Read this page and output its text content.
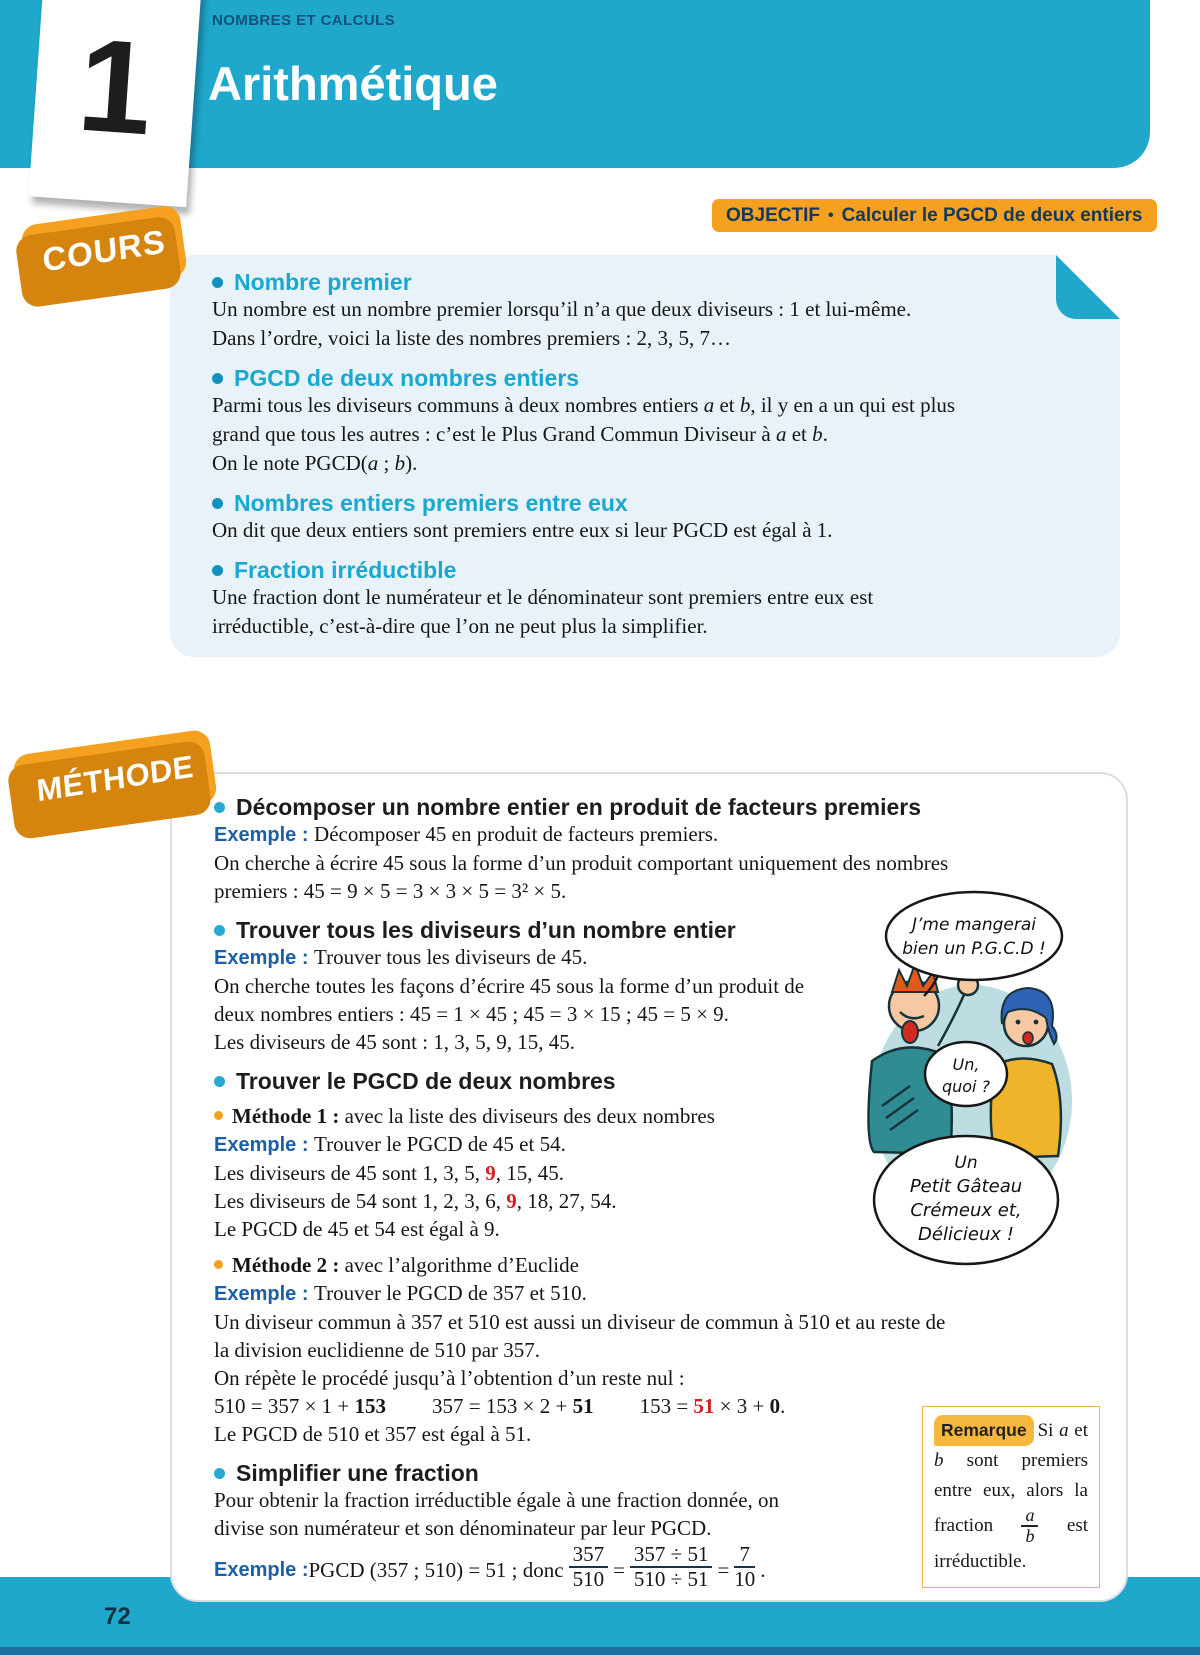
NOMBRES ET CALCULS
Arithmétique
1
OBJECTIF • Calculer le PGCD de deux entiers
COURS
Nombre premier
Un nombre est un nombre premier lorsqu’il n’a que deux diviseurs : 1 et lui-même.
Dans l’ordre, voici la liste des nombres premiers : 2, 3, 5, 7…
PGCD de deux nombres entiers
Parmi tous les diviseurs communs à deux nombres entiers a et b, il y en a un qui est plus
grand que tous les autres : c’est le Plus Grand Commun Diviseur à a et b.
On le note PGCD(a ; b).
Nombres entiers premiers entre eux
On dit que deux entiers sont premiers entre eux si leur PGCD est égal à 1.
Fraction irréductible
Une fraction dont le numérateur et le dénominateur sont premiers entre eux est
irréductible, c’est-à-dire que l’on ne peut plus la simplifier.
MÉTHODE Décomposer un nombre entier en produit de facteurs premiers
Exemple : Décomposer 45 en produit de facteurs premiers.
On cherche à écrire 45 sous la forme d’un produit comportant uniquement des nombres
premiers : 45 = 9 × 5 = 3 × 3 × 5 = 3² × 5.
Trouver tous les diviseurs d’un nombre entier
Exemple : Trouver tous les diviseurs de 45.
On cherche toutes les façons d’écrire 45 sous la forme d’un produit de
deux nombres entiers : 45 = 1 × 45 ; 45 = 3 × 15 ; 45 = 5 × 9.
Les diviseurs de 45 sont : 1, 3, 5, 9, 15, 45.
Trouver le PGCD de deux nombres
Méthode 1 : avec la liste des diviseurs des deux nombres
Exemple : Trouver le PGCD de 45 et 54.
Les diviseurs de 45 sont 1, 3, 5, 9, 15, 45.
Les diviseurs de 54 sont 1, 2, 3, 6, 9, 18, 27, 54.
Le PGCD de 45 et 54 est égal à 9.
Méthode 2 : avec l’algorithme d’Euclide
Exemple : Trouver le PGCD de 357 et 510.
Un diviseur commun à 357 et 510 est aussi un diviseur de commun à 510 et au reste de
la division euclidienne de 510 par 357.
On répète le procédé jusqu’à l’obtention d’un reste nul :
510 = 357 × 1 + 153 357 = 153 × 2 + 51 153 = 51 × 3 + 0.
Le PGCD de 510 et 357 est égal à 51.
Simplifier une fraction
Pour obtenir la fraction irréductible égale à une fraction donnée, on
divise son numérateur et son dénominateur par leur PGCD.
Exemple : PGCD (357 ; 510) = 51 ; donc $\frac{357}{510} = \frac{357 \div 51}{510 \div 51} = \frac{7}{10}$ .
Remarque Si a et b sont premiers entre eux, alors la fraction $\frac{a}{b}$ est irréductible.
J’me mangerai
bien un P.G.C.D !
Un,
quoi ?
Un
Petit Gâteau
Crémeux et,
Délicieux !
72
